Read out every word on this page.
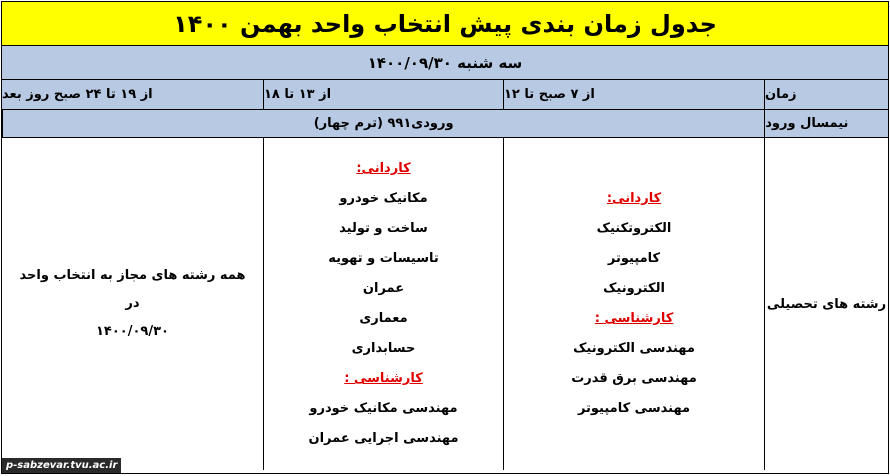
جدول زمان بندی پیش انتخاب واحد بهمن ۱۴۰۰
سه شنبه ۱۴۰۰/۰۹/۳۰
زمان
از ۷ صبح تا ۱۲
از ۱۳ تا ۱۸
از ۱۹ تا ۲۴ صبح روز بعد
نیمسال ورود
ورودی۹۹۱ (ترم چهار)
رشته های تحصیلی
کاردانی:
الکتروتکنیک
کامپیوتر
الکترونیک
کارشناسی :
مهندسی الکترونیک
مهندسی برق قدرت
مهندسی کامپیوتر
کاردانی:
مکانیک خودرو
ساخت و تولید
تاسیسات و تهویه
عمران
معماری
حسابداری
کارشناسی :
مهندسی مکانیک خودرو
مهندسی اجرایی عمران
همه رشته های مجاز به انتخاب واحد در
۱۴۰۰/۰۹/۳۰
p-sabzevar.tvu.ac.ir
